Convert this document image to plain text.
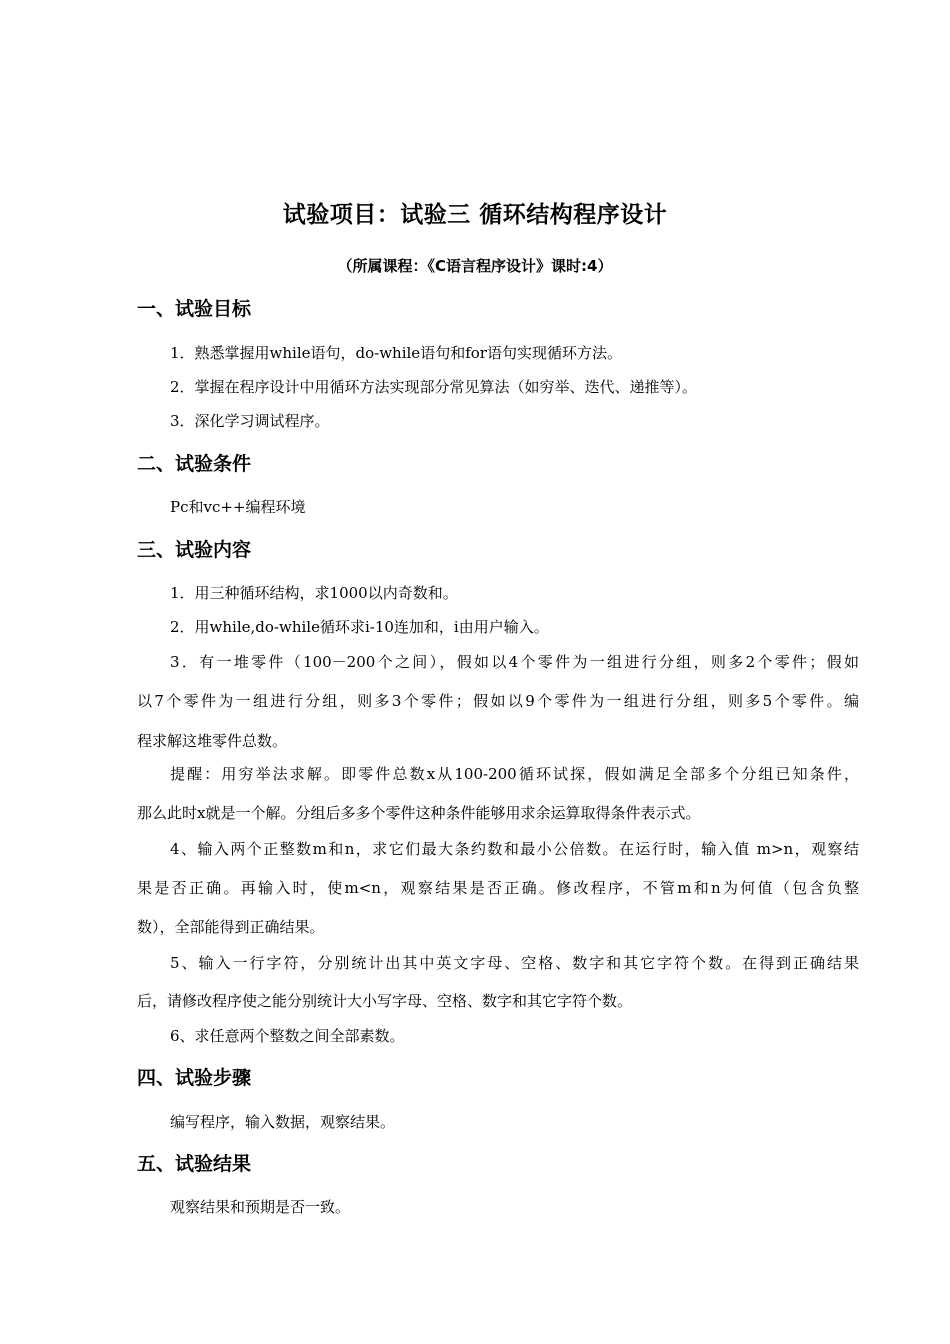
试验项目：试验三 循环结构程序设计
（所属课程：《C语言程序设计》课时:4）
一、试验目标
1．熟悉掌握用while语句，do-while语句和for语句实现循环方法。
2．掌握在程序设计中用循环方法实现部分常见算法（如穷举、迭代、递推等）。
3．深化学习调试程序。
二、试验条件
Pc和vc++编程环境
三、试验内容
1．用三种循环结构，求1000以内奇数和。
2．用while,do-while循环求i-10连加和，i由用户输入。
3．有一堆零件（100－200个之间），假如以4个零件为一组进行分组，则多2个零件；假如
以7个零件为一组进行分组，则多3个零件；假如以9个零件为一组进行分组，则多5个零件。编
程求解这堆零件总数。
提醒：用穷举法求解。即零件总数x从100-200循环试探，假如满足全部多个分组已知条件，
那么此时x就是一个解。分组后多多个零件这种条件能够用求余运算取得条件表示式。
4、输入两个正整数m和n，求它们最大条约数和最小公倍数。在运行时，输入值 m>n，观察结
果是否正确。再输入时，使m<n，观察结果是否正确。修改程序，不管m和n为何值（包含负整
数），全部能得到正确结果。
5、输入一行字符，分别统计出其中英文字母、空格、数字和其它字符个数。在得到正确结果
后，请修改程序使之能分别统计大小写字母、空格、数字和其它字符个数。
6、求任意两个整数之间全部素数。
四、试验步骤
编写程序，输入数据，观察结果。
五、试验结果
观察结果和预期是否一致。
